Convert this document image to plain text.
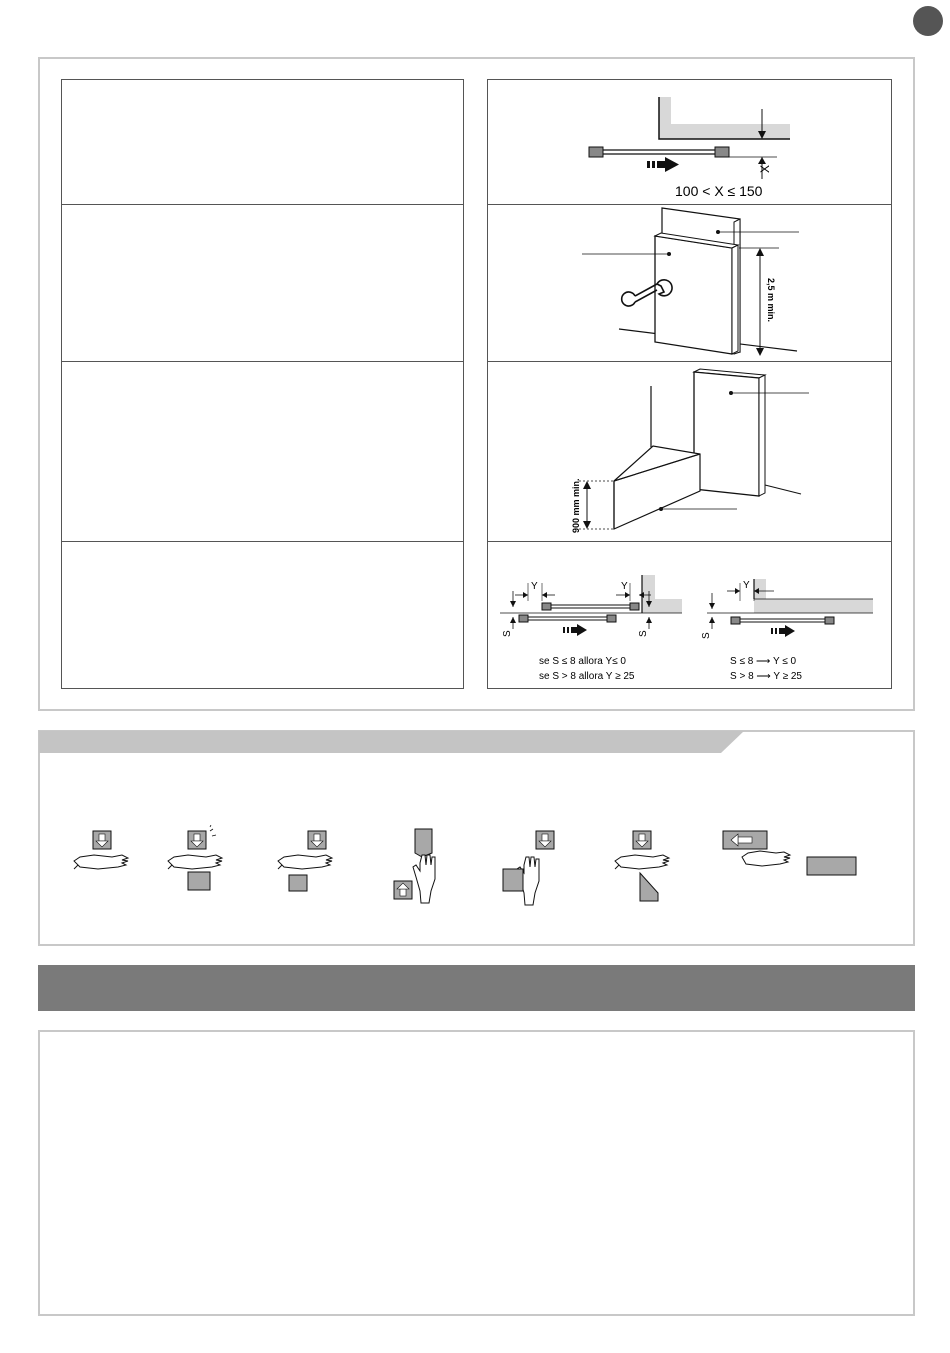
X
100 < X ≤ 150
2,5 m min.
900 mm min.
Y	Y
S	S
se S ≤ 8 allora Y≤ 0
se S > 8 allora Y ≥ 25
Y
S
S ≤ 8 ⟶ Y ≤ 0
S > 8 ⟶ Y ≥ 25
